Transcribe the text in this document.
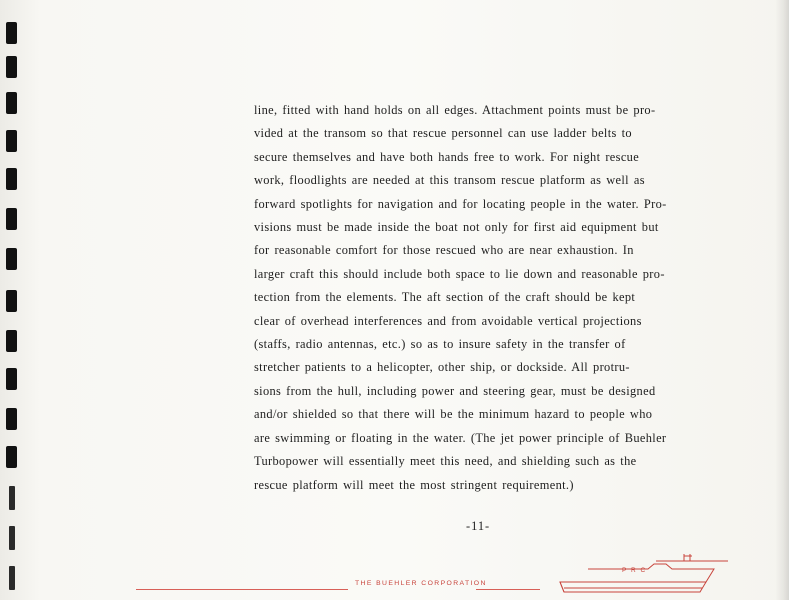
line, fitted with hand holds on all edges. Attachment points must be pro-
vided at the transom so that rescue personnel can use ladder belts to
secure themselves and have both hands free to work. For night rescue
work, floodlights are needed at this transom rescue platform as well as
forward spotlights for navigation and for locating people in the water. Pro-
visions must be made inside the boat not only for first aid equipment but
for reasonable comfort for those rescued who are near exhaustion. In
larger craft this should include both space to lie down and reasonable pro-
tection from the elements. The aft section of the craft should be kept
clear of overhead interferences and from avoidable vertical projections
(staffs, radio antennas, etc.) so as to insure safety in the transfer of
stretcher patients to a helicopter, other ship, or dockside. All protru-
sions from the hull, including power and steering gear, must be designed
and/or shielded so that there will be the minimum hazard to people who
are swimming or floating in the water. (The jet power principle of Buehler
Turbopower will essentially meet this need, and shielding such as the
rescue platform will meet the most stringent requirement.)

-11-

THE BUEHLER CORPORATION

P R C
